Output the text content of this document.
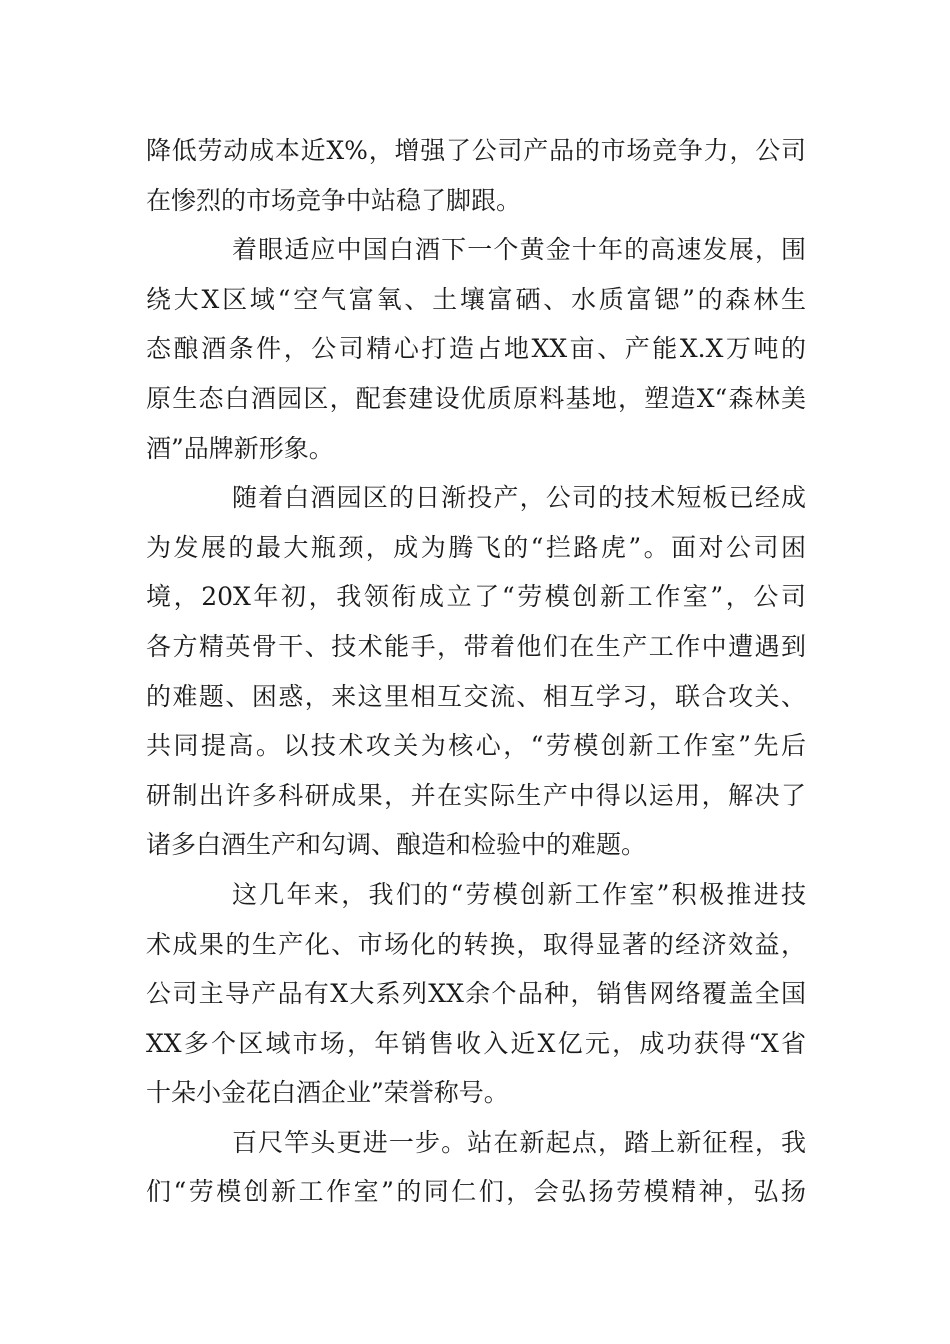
降低劳动成本近X%，增强了公司产品的市场竞争力，公司
在惨烈的市场竞争中站稳了脚跟。
着眼适应中国白酒下一个黄金十年的高速发展，围
绕大X区域“空气富氧、土壤富硒、水质富锶”的森林生
态酿酒条件，公司精心打造占地XX亩、产能X.X万吨的
原生态白酒园区，配套建设优质原料基地，塑造X“森林美
酒”品牌新形象。
随着白酒园区的日渐投产，公司的技术短板已经成
为发展的最大瓶颈，成为腾飞的“拦路虎”。面对公司困
境，20X年初，我领衔成立了“劳模创新工作室”，公司
各方精英骨干、技术能手，带着他们在生产工作中遭遇到
的难题、困惑，来这里相互交流、相互学习，联合攻关、
共同提高。以技术攻关为核心，“劳模创新工作室”先后
研制出许多科研成果，并在实际生产中得以运用，解决了
诸多白酒生产和勾调、酿造和检验中的难题。
这几年来，我们的“劳模创新工作室”积极推进技
术成果的生产化、市场化的转换，取得显著的经济效益，
公司主导产品有X大系列XX余个品种，销售网络覆盖全国
XX多个区域市场，年销售收入近X亿元，成功获得“X省
十朵小金花白酒企业”荣誉称号。
百尺竿头更进一步。站在新起点，踏上新征程，我
们“劳模创新工作室”的同仁们，会弘扬劳模精神，弘扬
